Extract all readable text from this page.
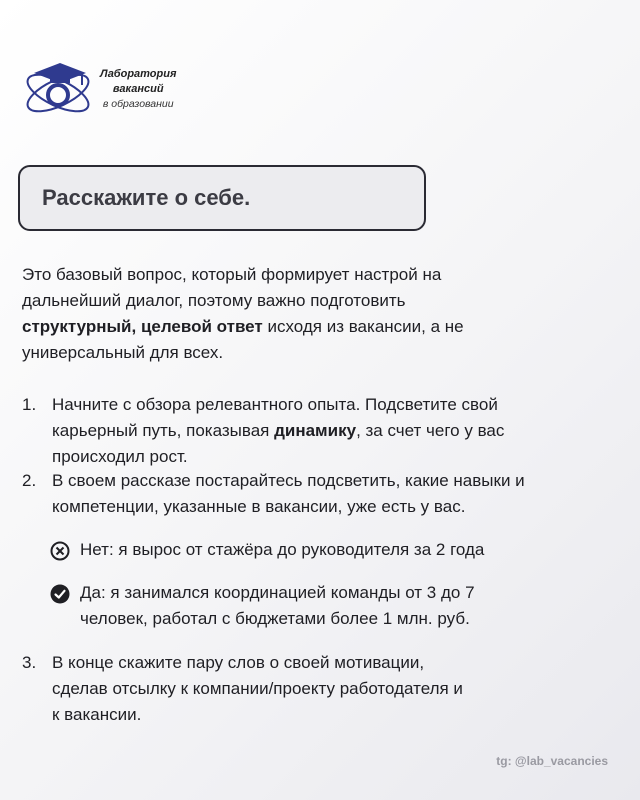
Лаборатория
вакансий
в образовании
Расскажите о себе.
Это базовый вопрос, который формирует настрой на
дальнейший диалог, поэтому важно подготовить
структурный, целевой ответ исходя из вакансии, а не
универсальный для всех.
1. Начните с обзора релевантного опыта. Подсветите свой
карьерный путь, показывая динамику, за счет чего у вас
происходил рост.
2. В своем рассказе постарайтесь подсветить, какие навыки и
компетенции, указанные в вакансии, уже есть у вас.
Нет: я вырос от стажёра до руководителя за 2 года
Да: я занимался координацией команды от 3 до 7
человек, работал с бюджетами более 1 млн. руб.
3. В конце скажите пару слов о своей мотивации,
сделав отсылку к компании/проекту работодателя и
к вакансии.
tg: @lab_vacancies
